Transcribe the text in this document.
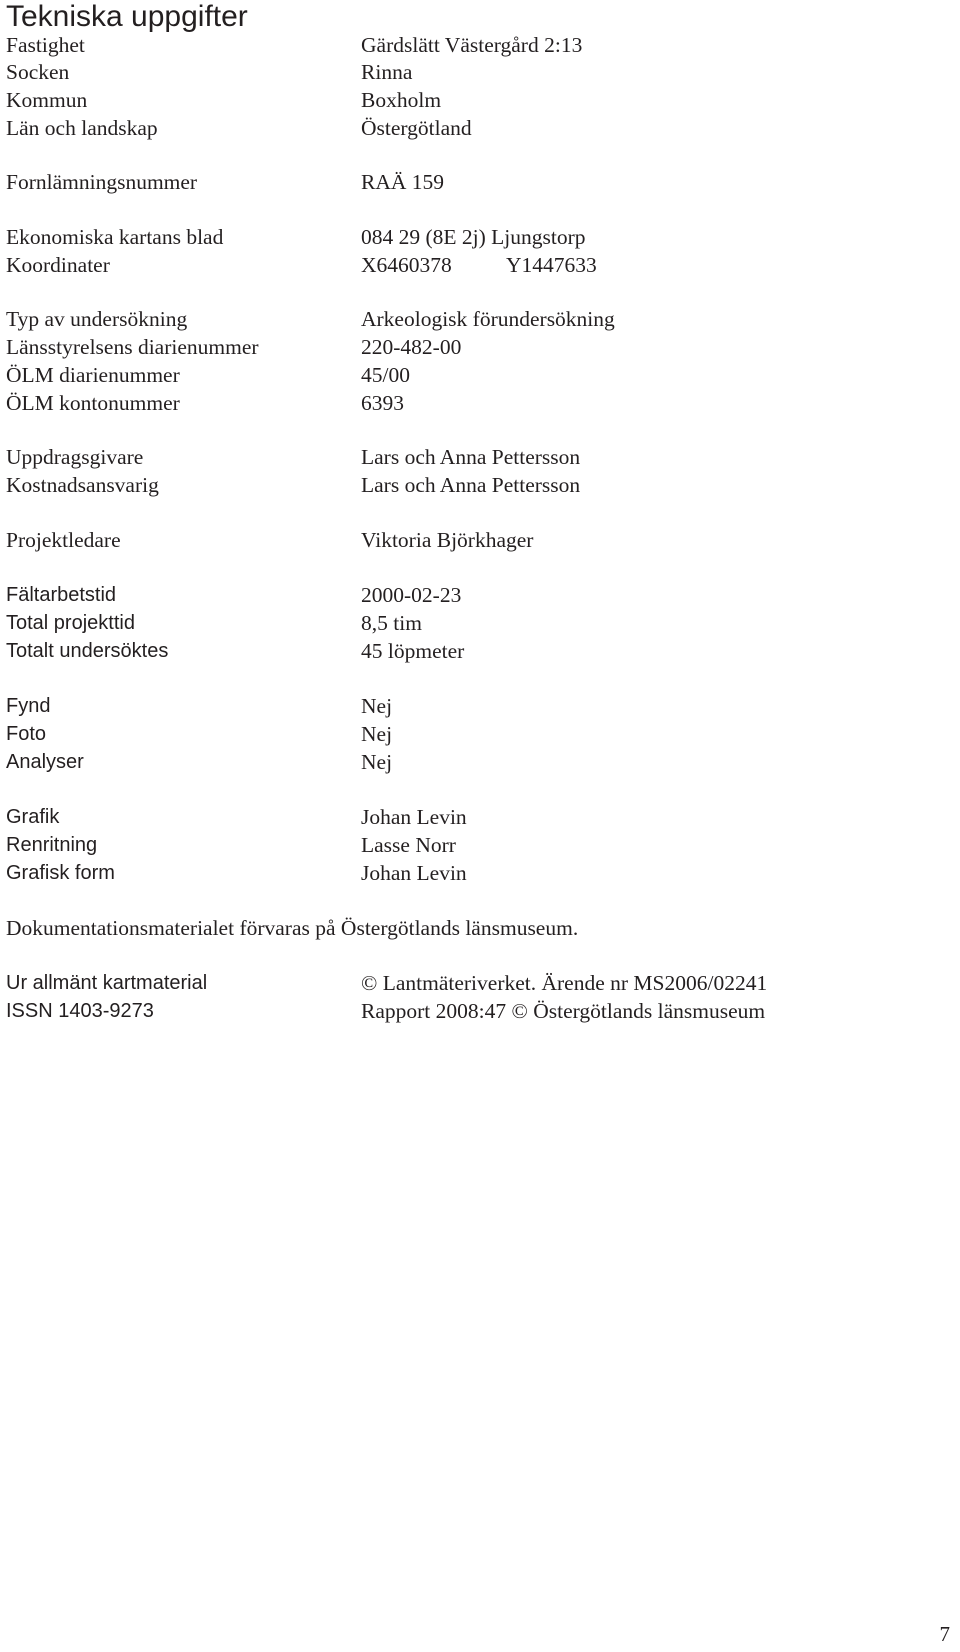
Tekniska uppgifter
Fastighet	Gärdslätt Västergård 2:13
Socken	Rinna
Kommun	Boxholm
Län och landskap	Östergötland
Fornlämningsnummer	RAÄ 159
Ekonomiska kartans blad	084 29 (8E 2j) Ljungstorp
Koordinater	X6460378	Y1447633
Typ av undersökning	Arkeologisk förundersökning
Länsstyrelsens diarienummer	220-482-00
ÖLM diarienummer	45/00
ÖLM kontonummer	6393
Uppdragsgivare	Lars och Anna Pettersson
Kostnadsansvarig	Lars och Anna Pettersson
Projektledare	Viktoria Björkhager
Fältarbetstid	2000-02-23
Total projekttid	8,5 tim
Totalt undersöktes	45 löpmeter
Fynd	Nej
Foto	Nej
Analyser	Nej
Grafik	Johan Levin
Renritning	Lasse Norr
Grafisk form	Johan Levin
Dokumentationsmaterialet förvaras på Östergötlands länsmuseum.
Ur allmänt kartmaterial	© Lantmäteriverket. Ärende nr MS2006/02241
ISSN 1403-9273	Rapport 2008:47 © Östergötlands länsmuseum
7
